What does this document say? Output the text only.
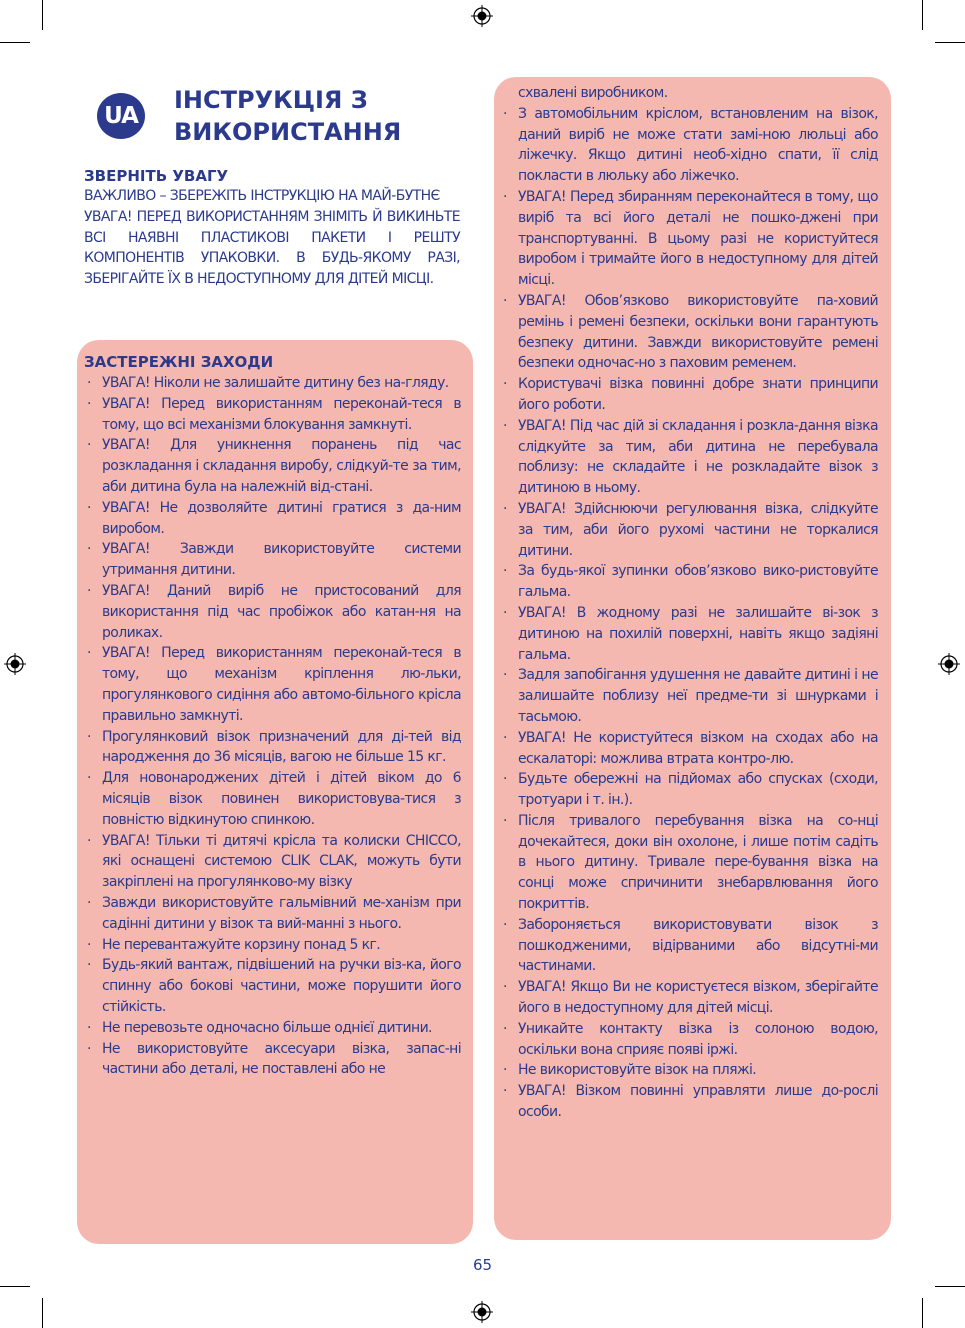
UA
ІНСТРУКЦІЯ З ВИКОРИСТАННЯ
ЗВЕРНІТЬ УВАГУ

ВАЖЛИВО – ЗБЕРЕЖІТЬ ІНСТРУКЦІЮ НА МАЙ-БУТНЄ

УВАГА! ПЕРЕД ВИКОРИСТАННЯМ ЗНІМІТЬ Й ВИКИНЬТЕ ВСІ НАЯВНІ ПЛАСТИКОВІ ПАКЕТИ І РЕШТУ КОМПОНЕНТІВ УПАКОВКИ. В БУДЬ-ЯКОМУ РАЗІ, ЗБЕРІГАЙТЕ ЇХ В НЕДОСТУПНОМУ ДЛЯ ДІТЕЙ МІСЦІ.

ЗАСТЕРЕЖНІ ЗАХОДИ
· УВАГА! Ніколи не залишайте дитину без на-гляду.
· УВАГА! Перед використанням переконай-теся в тому, що всі механізми блокування замкнуті.
· УВАГА! Для уникнення поранень під час розкладання і складання виробу, слідкуй-те за тим, аби дитина була на належній від-стані.
· УВАГА! Не дозволяйте дитині гратися з да-ним виробом.
· УВАГА! Завжди використовуйте системи утримання дитини.
· УВАГА! Даний виріб не пристосований для використання під час пробіжок або катан-ня на роликах.
· УВАГА! Перед використанням переконай-теся в тому, що механізм кріплення лю-льки, прогулянкового сидіння або автомо-більного крісла правильно замкнуті.
· Прогулянковий візок призначений для ді-тей від народження до 36 місяців, вагою не більше 15 кг.
· Для новонароджених дітей і дітей віком до 6 місяців візок повинен використовува-тися з повністю відкинутою спинкою.
· УВАГА! Тільки ті дитячі крісла та колиски CHICCO, які оснащені системою CLIK CLAK, можуть бути закріплені на прогулянково-му візку
· Завжди використовуйте гальмівний ме-ханізм при садінні дитини у візок та вий-манні з нього.
· Не перевантажуйте корзину понад 5 кг.
· Будь-який вантаж, підвішений на ручки віз-ка, його спинну або бокові частини, може порушити його стійкість.
· Не перевозьте одночасно більше однієї дитини.
· Не використовуйте аксесуари візка, запас-ні частини або деталі, не поставлені або не
схвалені виробником.
· З автомобільним кріслом, встановленим на візок, даний виріб не може стати замі-ною люльці або ліжечку. Якщо дитині необ-хідно спати, її слід покласти в люльку або ліжечко.
· УВАГА! Перед збиранням переконайтеся в тому, що виріб та всі його деталі не пошко-джені при транспортуванні. В цьому разі не користуйтеся виробом і тримайте його в недоступному для дітей місці.
· УВАГА! Обов’язково використовуйте па-ховий ремінь і ремені безпеки, оскільки вони гарантують безпеку дитини. Завжди використовуйте ремені безпеки одночас-но з паховим ременем.
· Користувачі візка повинні добре знати принципи його роботи.
· УВАГА! Під час дій зі складання і розкла-дання візка слідкуйте за тим, аби дитина не перебувала поблизу: не складайте і не розкладайте візок з дитиною в ньому.
· УВАГА! Здійснюючи регулювання візка, слідкуйте за тим, аби його рухомі частини не торкалися дитини.
· За будь-якої зупинки обов’язково вико-ристовуйте гальма.
· УВАГА! В жодному разі не залишайте ві-зок з дитиною на похилій поверхні, навіть якщо задіяні гальма.
· Задля запобігання удушення не давайте дитині і не залишайте поблизу неї предме-ти зі шнурками і тасьмою.
· УВАГА! Не користуйтеся візком на сходах або на ескалаторі: можлива втрата контро-лю.
· Будьте обережні на підйомах або спусках (сходи, тротуари і т. ін.).
· Після тривалого перебування візка на со-нці дочекайтеся, доки він охолоне, і лише потім садіть в нього дитину. Тривале пере-бування візка на сонці може спричинити знебарвлювання його покриттів.
· Забороняється використовувати візок з пошкодженими, відірваними або відсутні-ми частинами.
· УВАГА! Якщо Ви не користуєтеся візком, зберігайте його в недоступному для дітей місці.
· Уникайте контакту візка із солоною водою, оскільки вона сприяє появі іржі.
· Не використовуйте візок на пляжі.
· УВАГА! Візком повинні управляти лише до-рослі особи.
65
